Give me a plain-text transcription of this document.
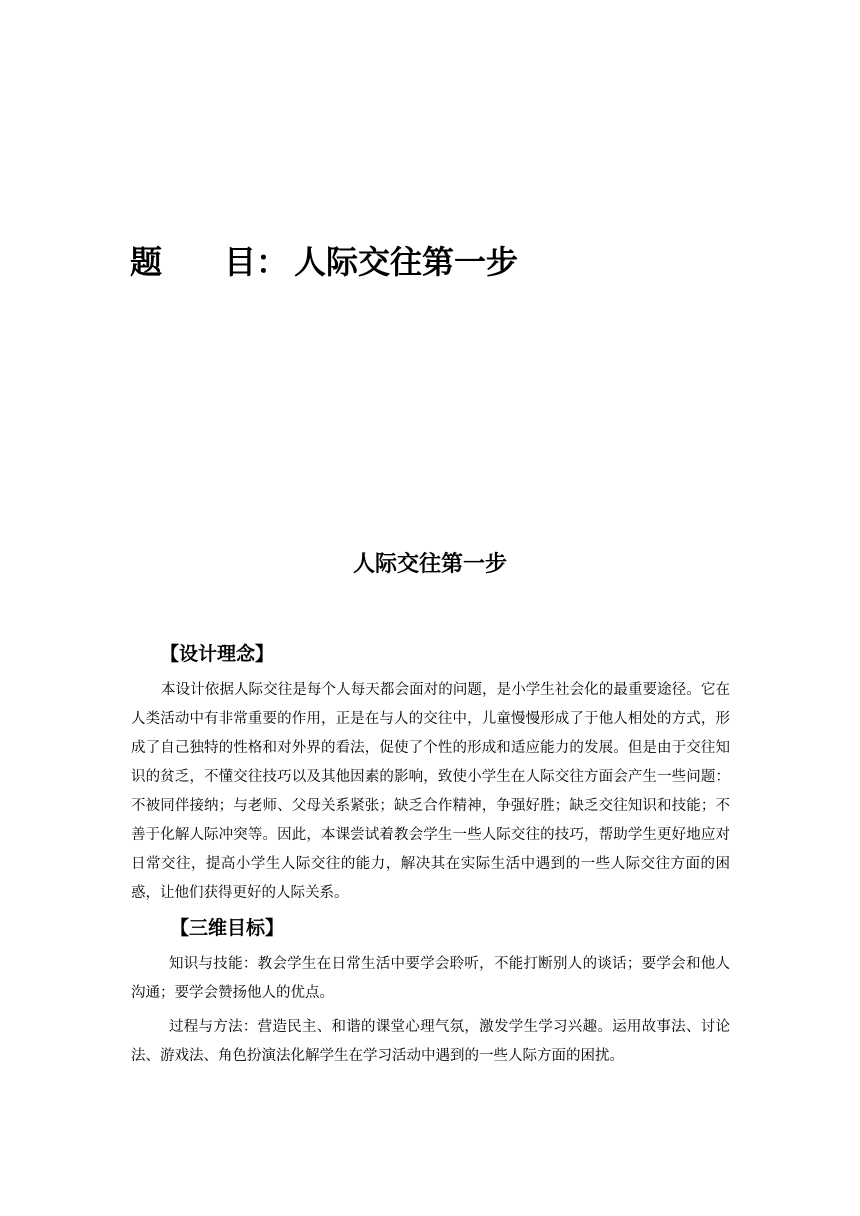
题 目： 人际交往第一步
人际交往第一步
【设计理念】

本设计依据人际交往是每个人每天都会面对的问题，是小学生社会化的最重要途径。它在人类活动中有非常重要的作用，正是在与人的交往中，儿童慢慢形成了于他人相处的方式，形成了自己独特的性格和对外界的看法，促使了个性的形成和适应能力的发展。但是由于交往知识的贫乏，不懂交往技巧以及其他因素的影响，致使小学生在人际交往方面会产生一些问题：不被同伴接纳；与老师、父母关系紧张；缺乏合作精神，争强好胜；缺乏交往知识和技能；不善于化解人际冲突等。因此，本课尝试着教会学生一些人际交往的技巧，帮助学生更好地应对日常交往，提高小学生人际交往的能力，解决其在实际生活中遇到的一些人际交往方面的困惑，让他们获得更好的人际关系。

【三维目标】

知识与技能：教会学生在日常生活中要学会聆听，不能打断别人的谈话；要学会和他人沟通；要学会赞扬他人的优点。

过程与方法：营造民主、和谐的课堂心理气氛，激发学生学习兴趣。运用故事法、讨论法、游戏法、角色扮演法化解学生在学习活动中遇到的一些人际方面的困扰。
